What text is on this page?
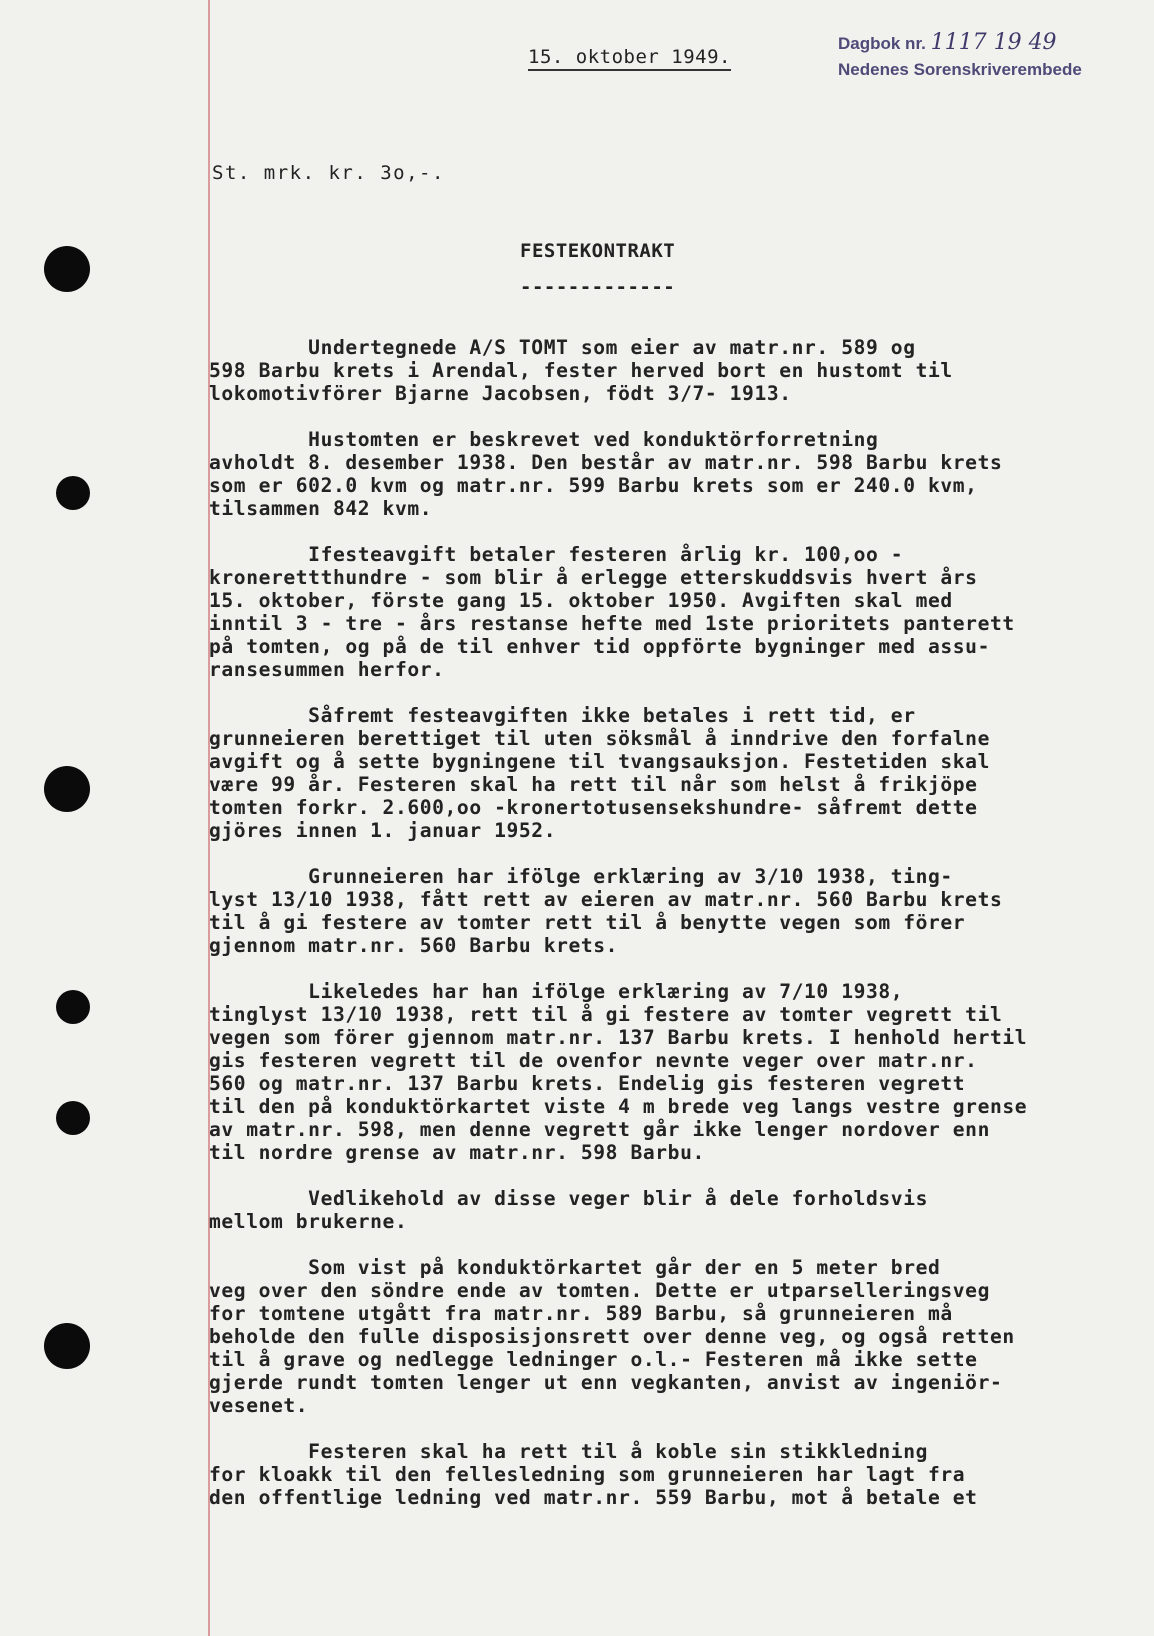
15. oktober 1949.
Dagbok nr. 1117 19 49
Nedenes Sorenskriverembede
St. mrk. kr. 3o,-.
FESTEKONTRAKT
-------------

Undertegnede A/S TOMT som eier av matr.nr. 589 og
598 Barbu krets i Arendal, fester herved bort en hustomt til
lokomotivförer Bjarne Jacobsen, födt 3/7- 1913.

Hustomten er beskrevet ved konduktörforretning
avholdt 8. desember 1938. Den består av matr.nr. 598 Barbu krets
som er 602.0 kvm og matr.nr. 599 Barbu krets som er 240.0 kvm,
tilsammen 842 kvm.

Ifesteavgift betaler festeren årlig kr. 100,oo -
kronerettthundre - som blir å erlegge etterskuddsvis hvert års
15. oktober, förste gang 15. oktober 1950. Avgiften skal med
inntil 3 - tre - års restanse hefte med 1ste prioritets panterett
på tomten, og på de til enhver tid oppförte bygninger med assu-
ransesummen herfor.

Såfremt festeavgiften ikke betales i rett tid, er
grunneieren berettiget til uten söksmål å inndrive den forfalne
avgift og å sette bygningene til tvangsauksjon. Festetiden skal
være 99 år. Festeren skal ha rett til når som helst å frikjöpe
tomten forkr. 2.600,oo -kronertotusensekshundre- såfremt dette
gjöres innen 1. januar 1952.

Grunneieren har ifölge erklæring av 3/10 1938, ting-
lyst 13/10 1938, fått rett av eieren av matr.nr. 560 Barbu krets
til å gi festere av tomter rett til å benytte vegen som förer
gjennom matr.nr. 560 Barbu krets.

Likeledes har han ifölge erklæring av 7/10 1938,
tinglyst 13/10 1938, rett til å gi festere av tomter vegrett til
vegen som förer gjennom matr.nr. 137 Barbu krets. I henhold hertil
gis festeren vegrett til de ovenfor nevnte veger over matr.nr.
560 og matr.nr. 137 Barbu krets. Endelig gis festeren vegrett
til den på konduktörkartet viste 4 m brede veg langs vestre grense
av matr.nr. 598, men denne vegrett går ikke lenger nordover enn
til nordre grense av matr.nr. 598 Barbu.

Vedlikehold av disse veger blir å dele forholdsvis
mellom brukerne.

Som vist på konduktörkartet går der en 5 meter bred
veg over den söndre ende av tomten. Dette er utparselleringsveg
for tomtene utgått fra matr.nr. 589 Barbu, så grunneieren må
beholde den fulle disposisjonsrett over denne veg, og også retten
til å grave og nedlegge ledninger o.l.- Festeren må ikke sette
gjerde rundt tomten lenger ut enn vegkanten, anvist av ingeniör-
vesenet.

Festeren skal ha rett til å koble sin stikkledning
for kloakk til den fellesledning som grunneieren har lagt fra
den offentlige ledning ved matr.nr. 559 Barbu, mot å betale et
